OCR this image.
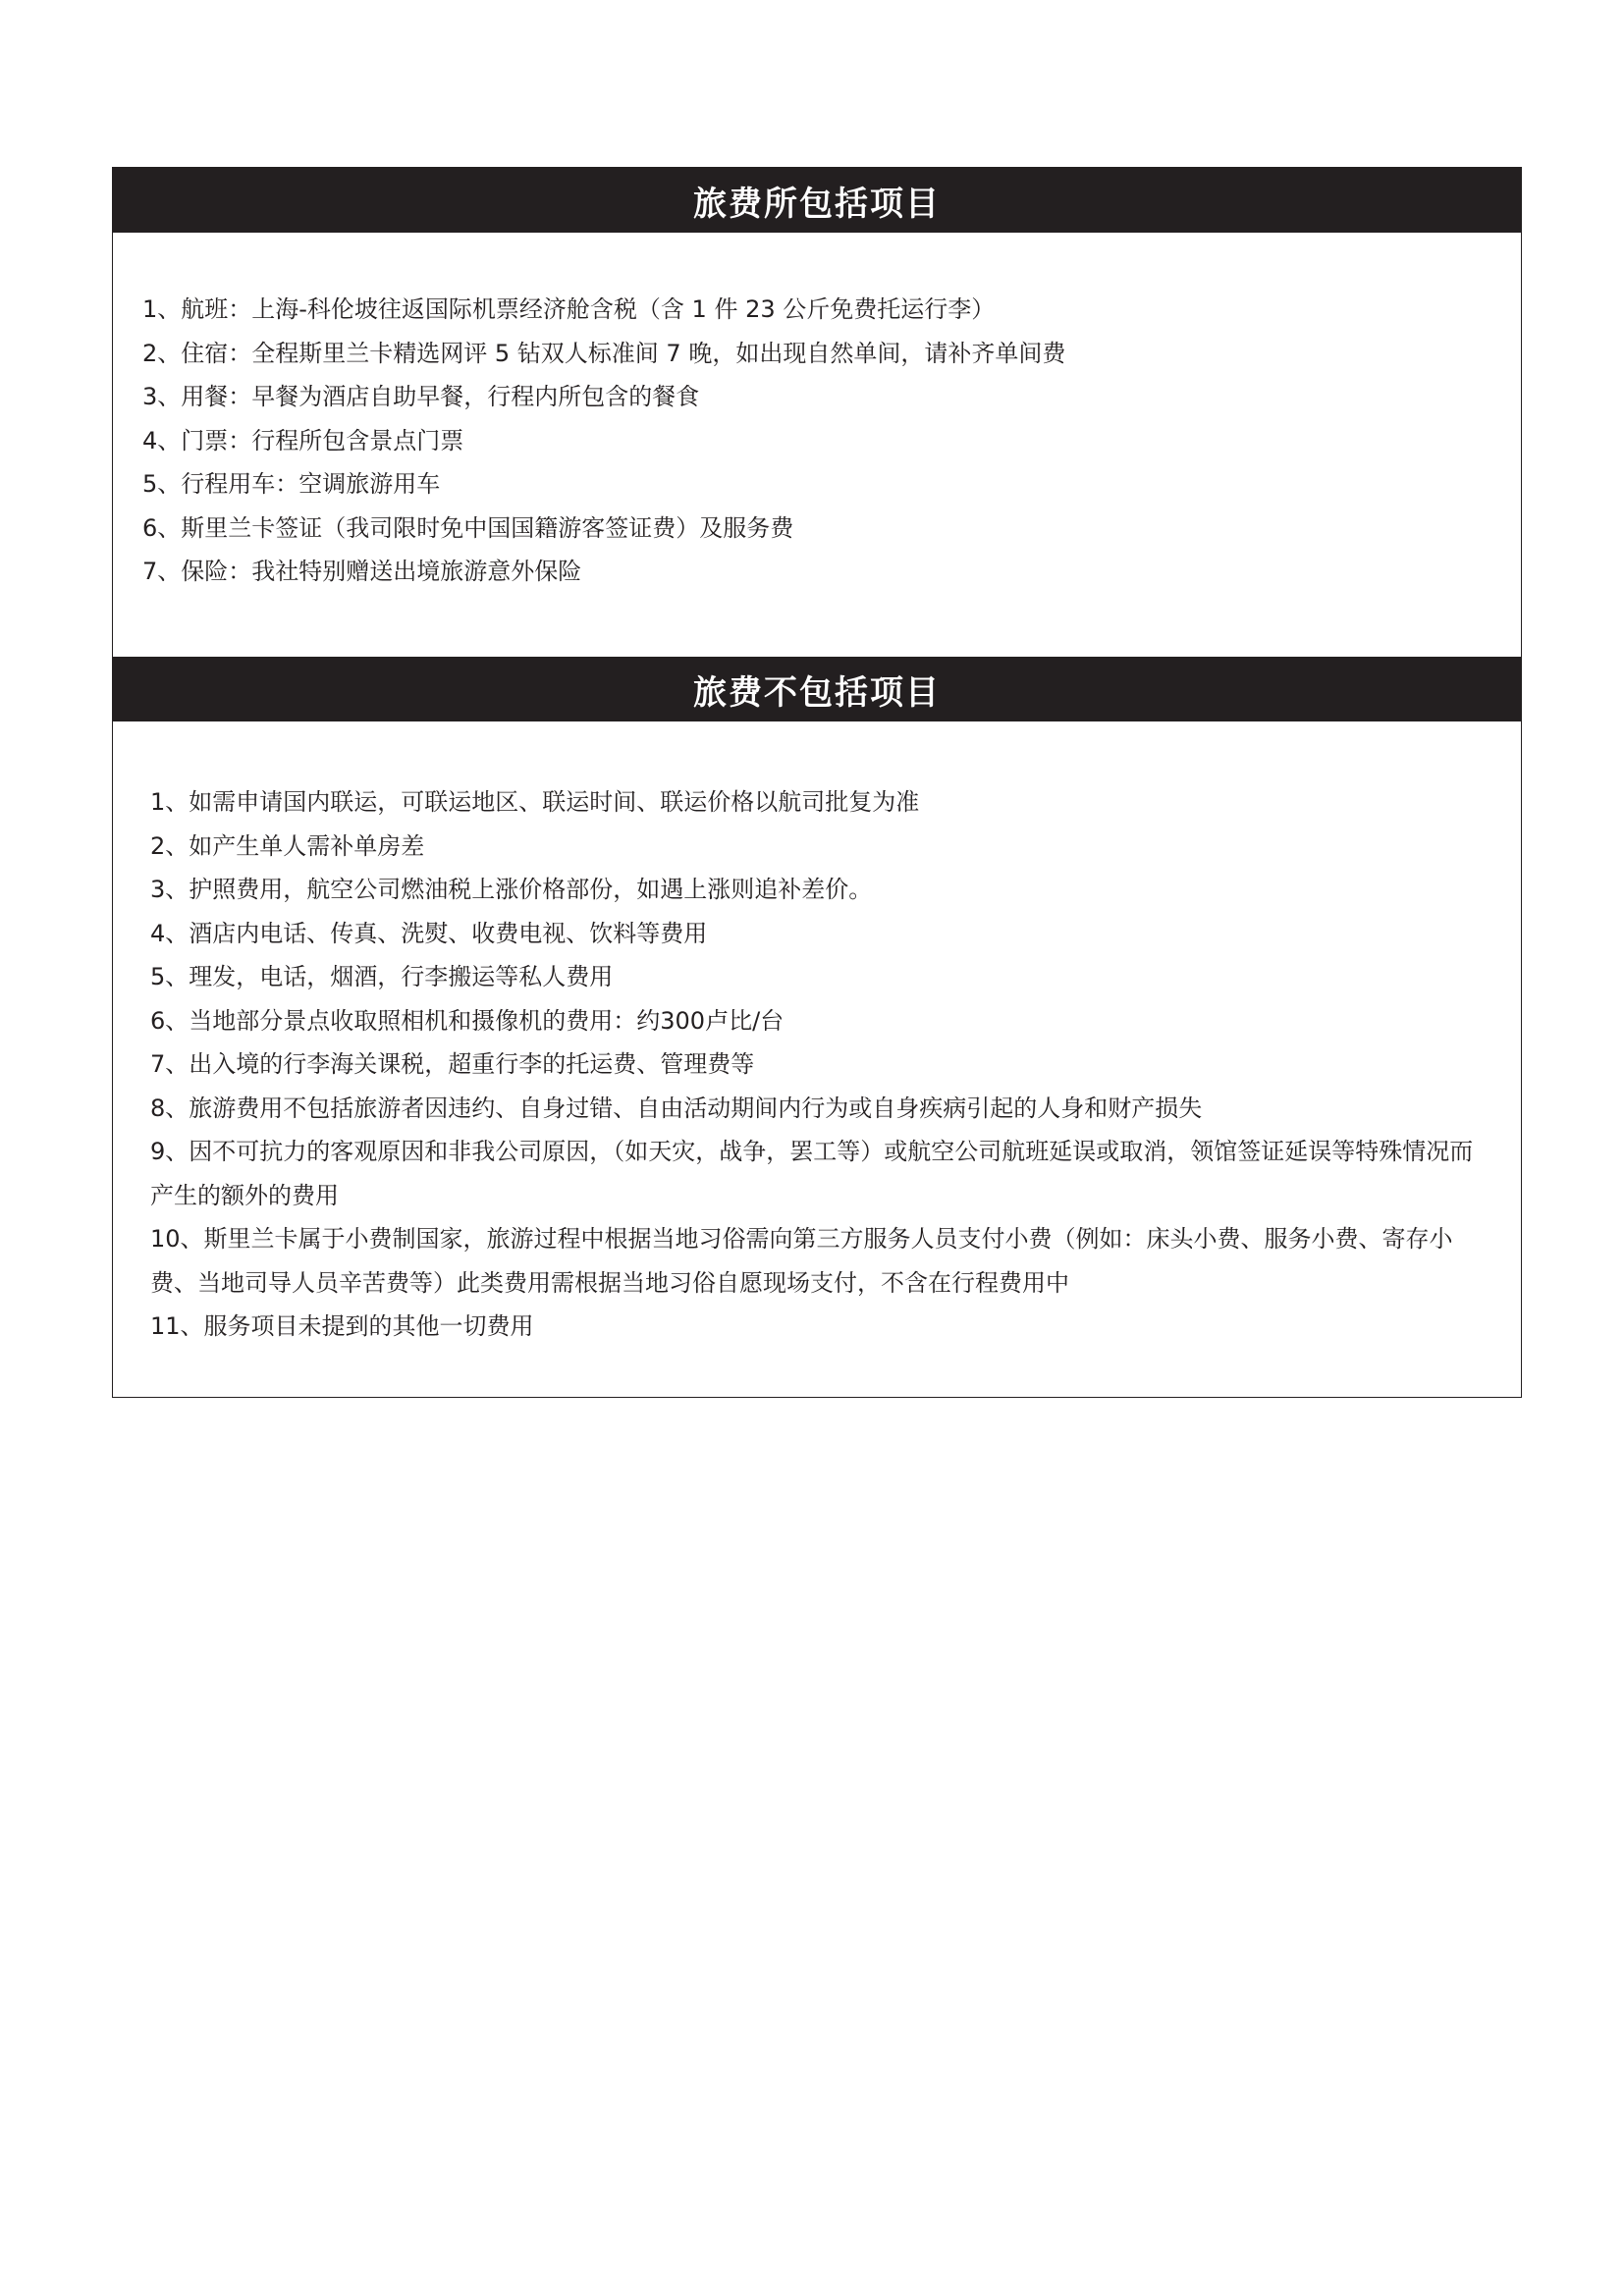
旅费所包括项目
1、航班：上海-科伦坡往返国际机票经济舱含税（含 1 件 23 公斤免费托运行李）
2、住宿：全程斯里兰卡精选网评 5 钻双人标准间 7 晚，如出现自然单间，请补齐单间费
3、用餐：早餐为酒店自助早餐，行程内所包含的餐食
4、门票：行程所包含景点门票
5、行程用车：空调旅游用车
6、斯里兰卡签证（我司限时免中国国籍游客签证费）及服务费
7、保险：我社特别赠送出境旅游意外保险
旅费不包括项目
1、如需申请国内联运，可联运地区、联运时间、联运价格以航司批复为准
2、如产生单人需补单房差
3、护照费用，航空公司燃油税上涨价格部份，如遇上涨则追补差价。
4、酒店内电话、传真、洗熨、收费电视、饮料等费用
5、理发，电话，烟酒，行李搬运等私人费用
6、当地部分景点收取照相机和摄像机的费用：约300卢比/台
7、出入境的行李海关课税，超重行李的托运费、管理费等
8、旅游费用不包括旅游者因违约、自身过错、自由活动期间内行为或自身疾病引起的人身和财产损失
9、因不可抗力的客观原因和非我公司原因，（如天灾，战争，罢工等）或航空公司航班延误或取消，领馆签证延误等特殊情况而产生的额外的费用
10、斯里兰卡属于小费制国家，旅游过程中根据当地习俗需向第三方服务人员支付小费（例如：床头小费、服务小费、寄存小费、当地司导人员辛苦费等）此类费用需根据当地习俗自愿现场支付，不含在行程费用中
11、服务项目未提到的其他一切费用
